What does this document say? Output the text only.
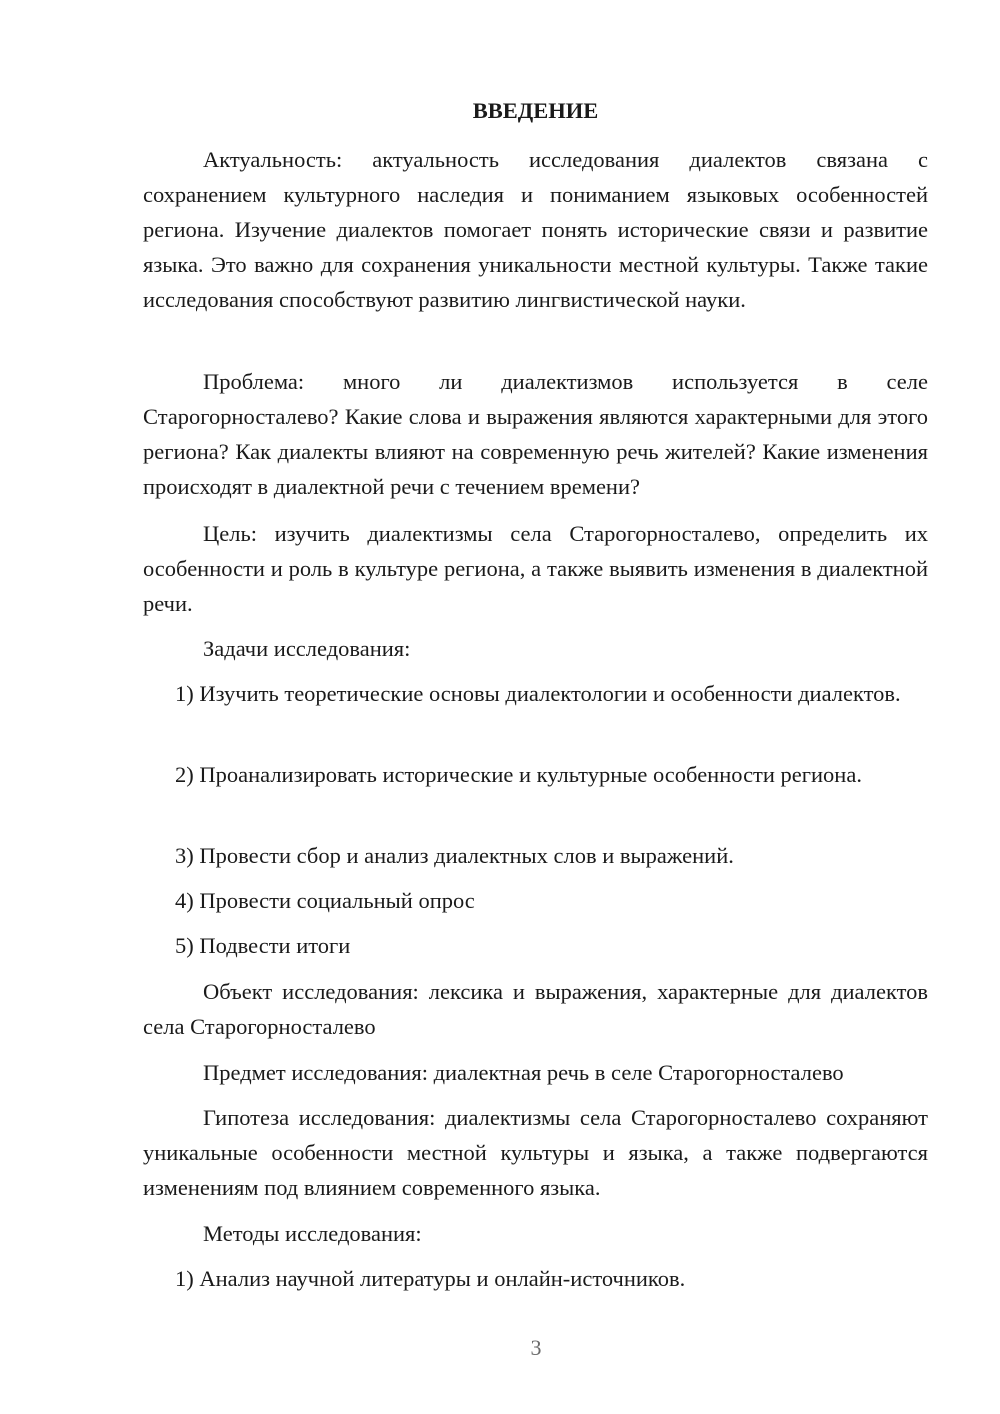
ВВЕДЕНИЕ

Актуальность: актуальность исследования диалектов связана с сохранением культурного наследия и пониманием языковых особенностей региона. Изучение диалектов помогает понять исторические связи и развитие языка. Это важно для сохранения уникальности местной культуры. Также такие исследования способствуют развитию лингвистической науки.

Проблема: много ли диалектизмов используется в селе Старогорносталево? Какие слова и выражения являются характерными для этого региона? Как диалекты влияют на современную речь жителей? Какие изменения происходят в диалектной речи с течением времени?

Цель: изучить диалектизмы села Старогорносталево, определить их особенности и роль в культуре региона, а также выявить изменения в диалектной речи.

Задачи исследования:

1) Изучить теоретические основы диалектологии и особенности диалектов.

2) Проанализировать исторические и культурные особенности региона.

3) Провести сбор и анализ диалектных слов и выражений.

4) Провести социальный опрос

5) Подвести итоги

Объект исследования: лексика и выражения, характерные для диалектов села Старогорносталево

Предмет исследования: диалектная речь в селе Старогорносталево

Гипотеза исследования: диалектизмы села Старогорносталево сохраняют уникальные особенности местной культуры и языка, а также подвергаются изменениям под влиянием современного языка.

Методы исследования:

1) Анализ научной литературы и онлайн-источников.

3
